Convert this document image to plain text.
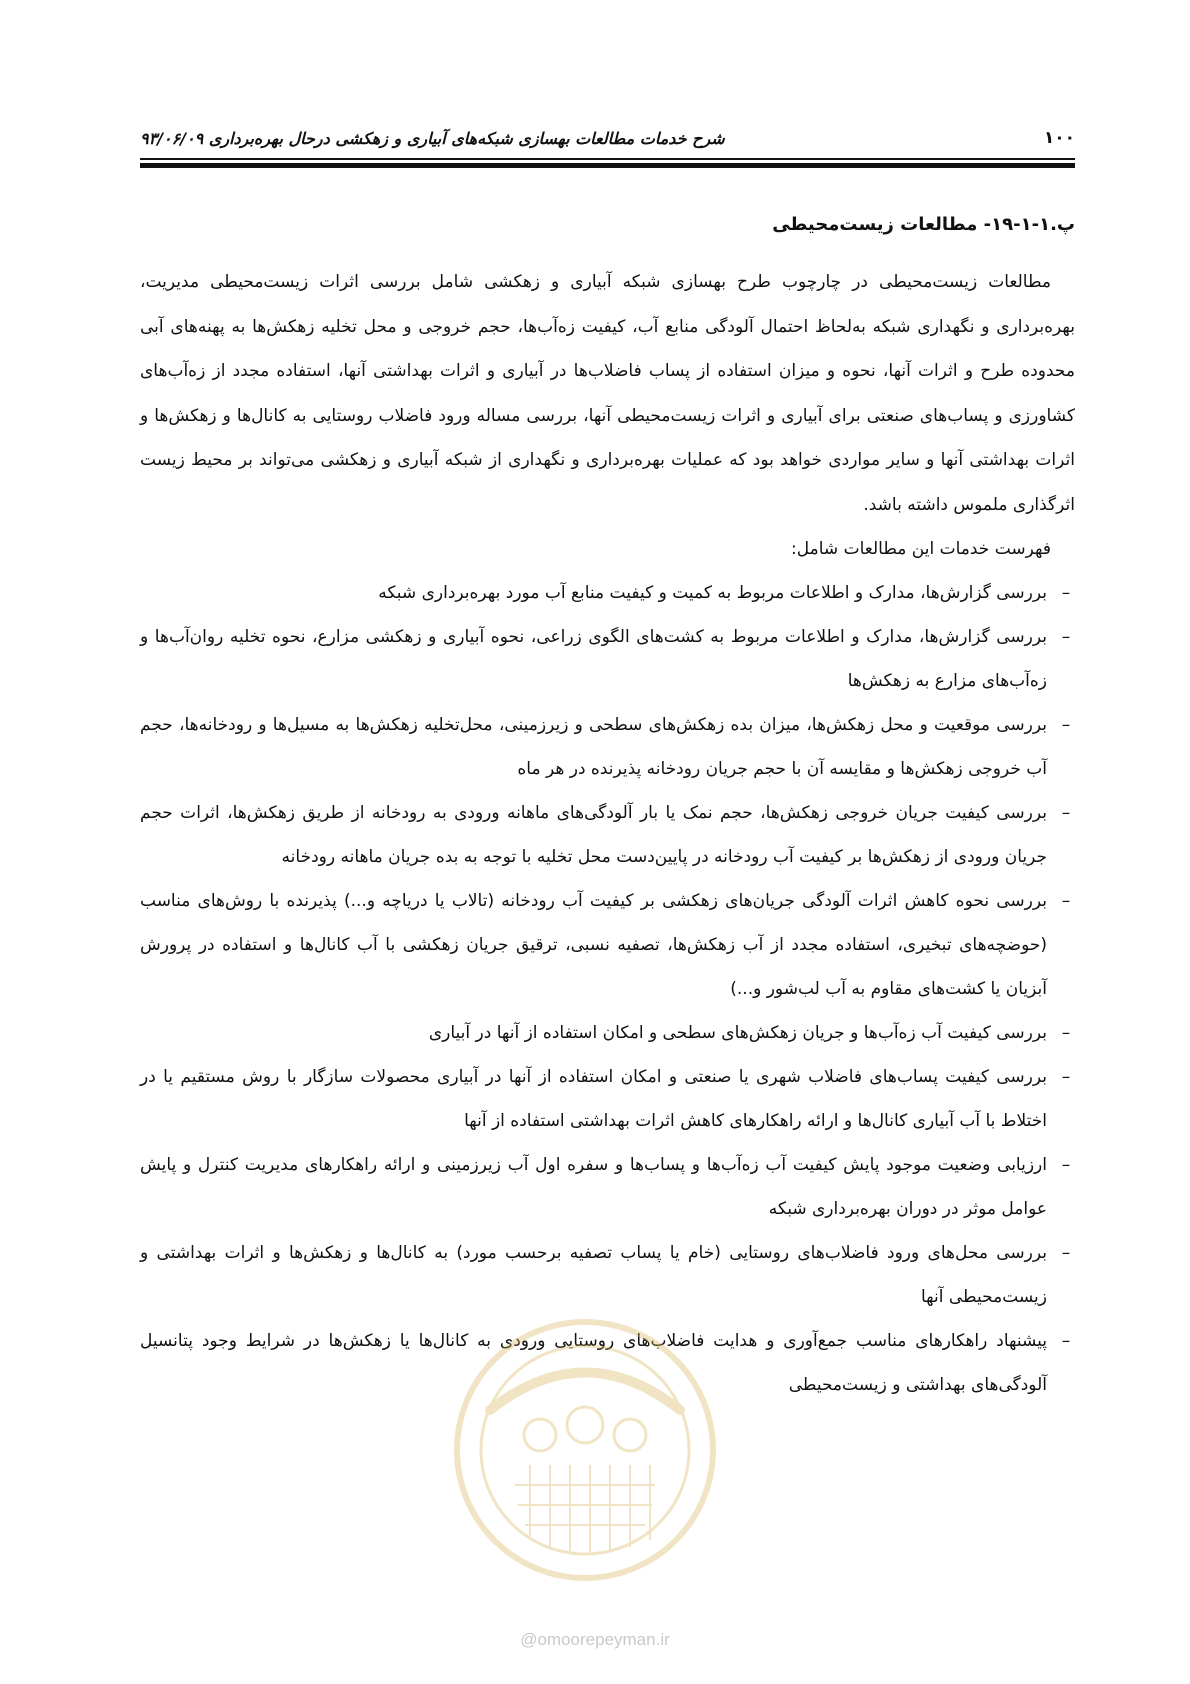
۱۰۰
شرح خدمات مطالعات بهسازی شبکه‌های آبیاری و زهکشی درحال بهره‌برداری ۹۳/۰۶/۰۹
پ.۱-۱-۱۹- مطالعات زیست‌محیطی

مطالعات زیست‌محیطی در چارچوب طرح بهسازی شبکه آبیاری و زهکشی شامل بررسی اثرات زیست‌محیطی مدیریت، بهره‌برداری و نگهداری شبکه به‌لحاظ احتمال آلودگی منابع آب، کیفیت زه‌آب‌ها، حجم خروجی و محل تخلیه زهکش‌ها به پهنه‌های آبی محدوده طرح و اثرات آنها، نحوه و میزان استفاده از پساب فاضلاب‌ها در آبیاری و اثرات بهداشتی آنها، استفاده مجدد از زه‌آب‌های کشاورزی و پساب‌های صنعتی برای آبیاری و اثرات زیست‌محیطی آنها، بررسی مساله ورود فاضلاب روستایی به کانال‌ها و زهکش‌ها و اثرات بهداشتی آنها و سایر مواردی خواهد بود که عملیات بهره‌برداری و نگهداری از شبکه آبیاری و زهکشی می‌تواند بر محیط زیست اثرگذاری ملموس داشته باشد.

فهرست خدمات این مطالعات شامل:

–
بررسی گزارش‌ها، مدارک و اطلاعات مربوط به کمیت و کیفیت منابع آب مورد بهره‌برداری شبکه
–
بررسی گزارش‌ها، مدارک و اطلاعات مربوط به کشت‌های الگوی زراعی، نحوه آبیاری و زهکشی مزارع، نحوه تخلیه روان‌آب‌ها و زه‌آب‌های مزارع به زهکش‌ها
–
بررسی موقعیت و محل زهکش‌ها، میزان بده زهکش‌های سطحی و زیرزمینی، محل‌تخلیه زهکش‌ها به مسیل‌ها و رودخانه‌ها، حجم آب خروجی زهکش‌ها و مقایسه آن با حجم جریان رودخانه پذیرنده در هر ماه
–
بررسی کیفیت جریان خروجی زهکش‌ها، حجم نمک یا بار آلودگی‌های ماهانه ورودی به رودخانه از طریق زهکش‌ها، اثرات حجم جریان ورودی از زهکش‌ها بر کیفیت آب رودخانه در پایین‌دست محل تخلیه با توجه به بده جریان ماهانه رودخانه
–
بررسی نحوه کاهش اثرات آلودگی جریان‌های زهکشی بر کیفیت آب رودخانه (تالاب یا دریاچه و...) پذیرنده با روش‌های مناسب (حوضچه‌های تبخیری، استفاده مجدد از آب زهکش‌ها، تصفیه نسبی، ترقیق جریان زهکشی با آب کانال‌ها و استفاده در پرورش آبزیان یا کشت‌های مقاوم به آب لب‌شور و...)
–
بررسی کیفیت آب زه‌آب‌ها و جریان زهکش‌های سطحی و امکان استفاده از آنها در آبیاری
–
بررسی کیفیت پساب‌های فاضلاب شهری یا صنعتی و امکان استفاده از آنها در آبیاری محصولات سازگار با روش مستقیم یا در اختلاط با آب آبیاری کانال‌ها و ارائه راهکارهای کاهش اثرات بهداشتی استفاده از آنها
–
ارزیابی وضعیت موجود پایش کیفیت آب زه‌آب‌ها و پساب‌ها و سفره اول آب زیرزمینی و ارائه راهکارهای مدیریت کنترل و پایش عوامل موثر در دوران بهره‌برداری شبکه
–
بررسی محل‌های ورود فاضلاب‌های روستایی (خام یا پساب تصفیه برحسب مورد) به کانال‌ها و زهکش‌ها و اثرات بهداشتی و زیست‌محیطی آنها
–
پیشنهاد راهکارهای مناسب جمع‌آوری و هدایت فاضلاب‌های روستایی ورودی به کانال‌ها یا زهکش‌ها در شرایط وجود پتانسیل آلودگی‌های بهداشتی و زیست‌محیطی
@omoorepeyman.ir
